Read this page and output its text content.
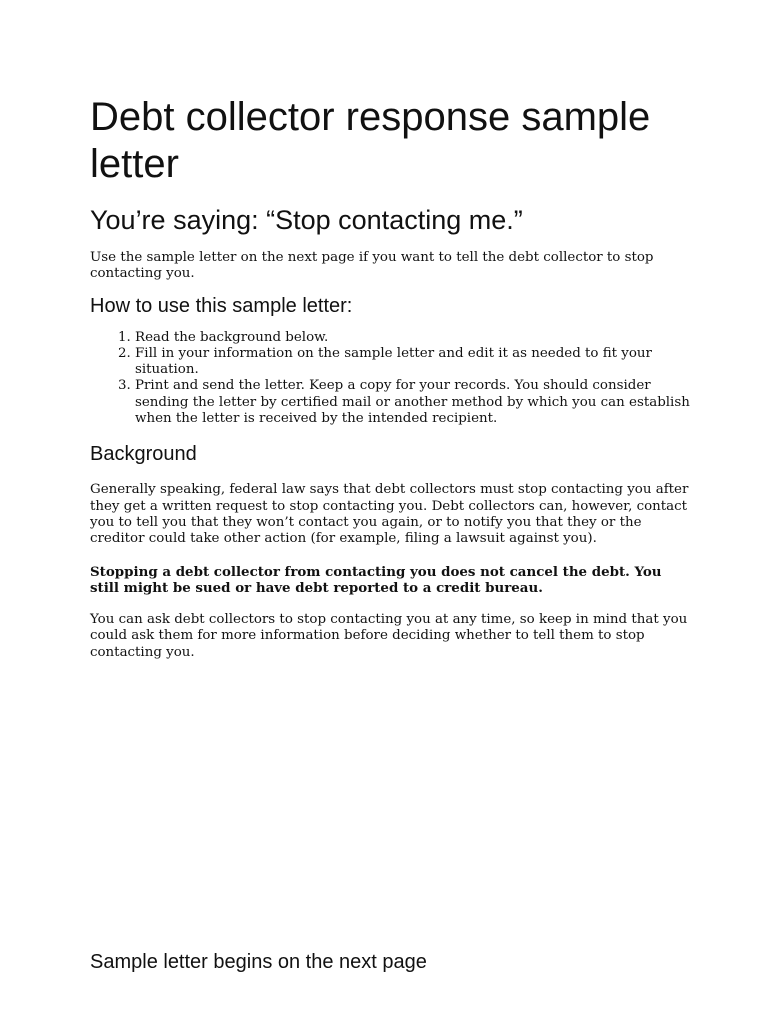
Debt collector response sample letter
You’re saying: “Stop contacting me.”

Use the sample letter on the next page if you want to tell the debt collector to stop contacting you.

How to use this sample letter:
1. Read the background below.
2. Fill in your information on the sample letter and edit it as needed to fit your situation.
3. Print and send the letter. Keep a copy for your records. You should consider sending the letter by certified mail or another method by which you can establish when the letter is received by the intended recipient.
Background

Generally speaking, federal law says that debt collectors must stop contacting you after they get a written request to stop contacting you. Debt collectors can, however, contact you to tell you that they won’t contact you again, or to notify you that they or the creditor could take other action (for example, filing a lawsuit against you).

Stopping a debt collector from contacting you does not cancel the debt. You still might be sued or have debt reported to a credit bureau.

You can ask debt collectors to stop contacting you at any time, so keep in mind that you could ask them for more information before deciding whether to tell them to stop contacting you.

Sample letter begins on the next page
